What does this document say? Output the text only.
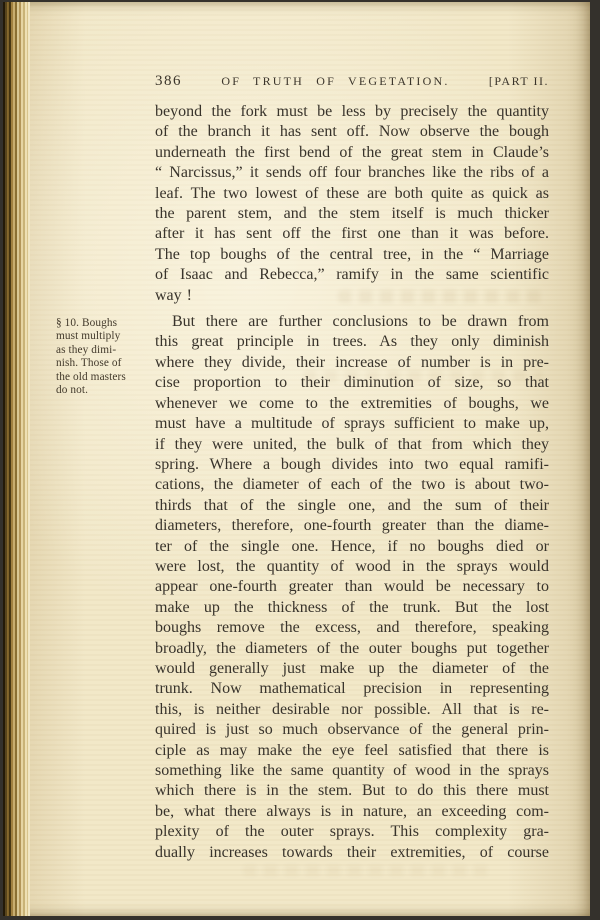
386	OF TRUTH OF VEGETATION.	[PART II.
§ 10. Boughs
must multiply
as they dimi-
nish. Those of
the old masters
do not.
beyond the fork must be less by precisely the quantity
of the branch it has sent off. Now observe the bough
underneath the first bend of the great stem in Claude’s
“ Narcissus,” it sends off four branches like the ribs of a
leaf. The two lowest of these are both quite as quick as
the parent stem, and the stem itself is much thicker
after it has sent off the first one than it was before.
The top boughs of the central tree, in the “ Marriage
of Isaac and Rebecca,” ramify in the same scientific
way !
But there are further conclusions to be drawn from
this great principle in trees. As they only diminish
where they divide, their increase of number is in pre-
cise proportion to their diminution of size, so that
whenever we come to the extremities of boughs, we
must have a multitude of sprays sufficient to make up,
if they were united, the bulk of that from which they
spring. Where a bough divides into two equal ramifi-
cations, the diameter of each of the two is about two-
thirds that of the single one, and the sum of their
diameters, therefore, one-fourth greater than the diame-
ter of the single one. Hence, if no boughs died or
were lost, the quantity of wood in the sprays would
appear one-fourth greater than would be necessary to
make up the thickness of the trunk. But the lost
boughs remove the excess, and therefore, speaking
broadly, the diameters of the outer boughs put together
would generally just make up the diameter of the
trunk. Now mathematical precision in representing
this, is neither desirable nor possible. All that is re-
quired is just so much observance of the general prin-
ciple as may make the eye feel satisfied that there is
something like the same quantity of wood in the sprays
which there is in the stem. But to do this there must
be, what there always is in nature, an exceeding com-
plexity of the outer sprays. This complexity gra-
dually increases towards their extremities, of course
